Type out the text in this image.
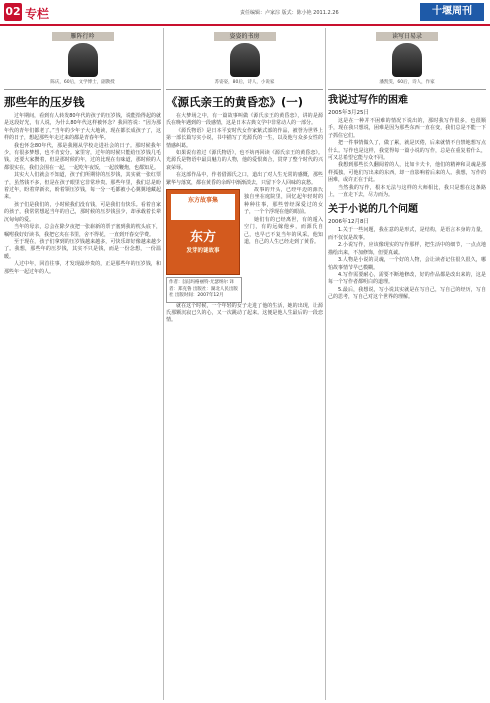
02 专栏	责任编辑：卢家淙 版式：陈小艳 2011.2.26	十堰周刊
雁阵行吟
陈庆，60后，文学博士，副教授
那些年的压岁钱

过年期间，看到有人转发80年代的孩子的压岁钱，说能拾得起的就是这段好光，有人说，为什么80年代这样被怀念？我回答说：“因为那年代的青年们都老了。”当年的少年子大大地读，现在都长成孩子了，这样的日子，想起那些年走过来的都是青春年华。

我也怀念80年代，那是我刚从学校走进社会的日子。那时候我年少，有很多梦想，也不肯安分。家里穷，过年的时候只能给压岁钱几毛钱，还要大家攒着，但是那时候的年，过的比现在有味道，那时候的人都很实在，我们会围在一起，一起吃年夜饭，一起放鞭炮，也都知足。

其实大人们就会不知道，孩子们所期待的压岁钱，其实就一张红票子，虽然钱不多，但是在孩子眼里它非常珍贵。那些年里，我们总是盼着过年，盼着穿新衣，盼着领压岁钱，每一分一毛都被小心翼翼地藏起来。

孩子们是我们的，小时候我们没有钱，可是我们有快乐。看着自家的孩子，我常常想起当年的自己，那时候的压岁钱虽少，却承载着长辈沉甸甸的爱。

当年的母亲，总会在除夕夜把一张崭新的票子塞到我的枕头底下，嘱咐我好好读书，我把它夹在书里，舍不得花，一直到开春交学费。

至于现在，孩子们拿到的压岁钱越来越多，可快乐却好像越来越少了。我想，那些年的压岁钱，其实不只是钱，而是一份念想，一份温暖。

人过中年，回首往事，才发现最珍贵的，正是那些年的压岁钱，和那些年一起过年的人。

姿姿的书房
苏姿姿，80后，诗人，小说家
《源氏亲王的黄昏恋》(一)

在大梦场之中，有一篇故事叫做《源氏亲王的黄昏恋》，讲的是源氏在晚年遇到的一段感情，这是日本古典文学中非常动人的一部分。

《源氏物语》是日本平安时代女作家紫式部的作品，被誉为世界上第一部长篇写实小说，书中描写了光源氏的一生，以及他与众多女性的情感纠葛。

如果说有着过《源氏物语》，也不妨再回读《源氏亲王的黄昏恋》。光源氏是物语中最具魅力的人物，他的爱恨离合，贯穿了整个时代的兴衰荣辱。

在这部作品中，作者借源氏之口，道出了对人生无常的感慨，那些繁华与落寞，都在黄昏的余晖中渐渐淡去，只留下令人回味的哀愁。

东方故事集
东方
发芽的谜故事

故事的开头，已经年迈的源氏独自坐在庭院里，回忆起年轻时的种种往事，那些曾经深爱过的女子，一个个浮现在他的眼前。

她们有的已经离世，有的遁入空门，有的远嫁他乡，而源氏自己，也早已不复当年的风采。他知道，自己的人生已经走到了黄昏。

作者：[法]玛格丽特·尤瑟纳尔 译者：郑克鲁 出版社：湖北人民出版社 出版时间：2007年12月

就在这个时候，一个年轻的女子走进了他的生活，她的出现，让源氏那颗沉寂已久的心，又一次跳动了起来。这便是他人生最后的一段恋情。

读写日易录
潘凯雯，60后，诗人，作家
我说过写作的困难
2005年3月25日

这是在一种并不困难的情况下说出的，那时我写作很多，也很顺手，现在我只想说，困难是因为那些东西一直在变，我们总是不能一下子抓住它们。

把一件事情做久了，做了累，就是厌倦，后来就情不自禁地想写点什么。写作也是这样，我觉得每一篇小说的写作，总是在重复着什么，可又总希望它能与众不同。

我想到那些长久翻阅着的人，比如卡夫卡，他们的精神和灵魂是那样孤独，可他们写出来的东西，却一直影响着后来的人。我想，写作的困难，或许正在于此。

当然我的写作，根本无法与这样的大师相比，我只是想在这条路上，一直走下去，尽力而为。

关于小说的几个问题
2006年12月8日

1.关于一些问题，我在意的是形式，是结构，是语言本身的力量，而不仅仅是故事。

2.小说写作，应该像现实的写作那样，把生活中的细节，一点点地描绘出来，不加修饰，但要真诚。

3.人物是小说的灵魂，一个好的人物，会让读者记住很久很久，哪怕故事情节早已模糊。

4.写作需要耐心，需要不断地修改，好的作品都是改出来的，这是每一个写作者都明白的道理。

5.最后，我想说，写小说其实就是在写自己，写自己的经历，写自己的思考，写自己对这个世界的理解。
